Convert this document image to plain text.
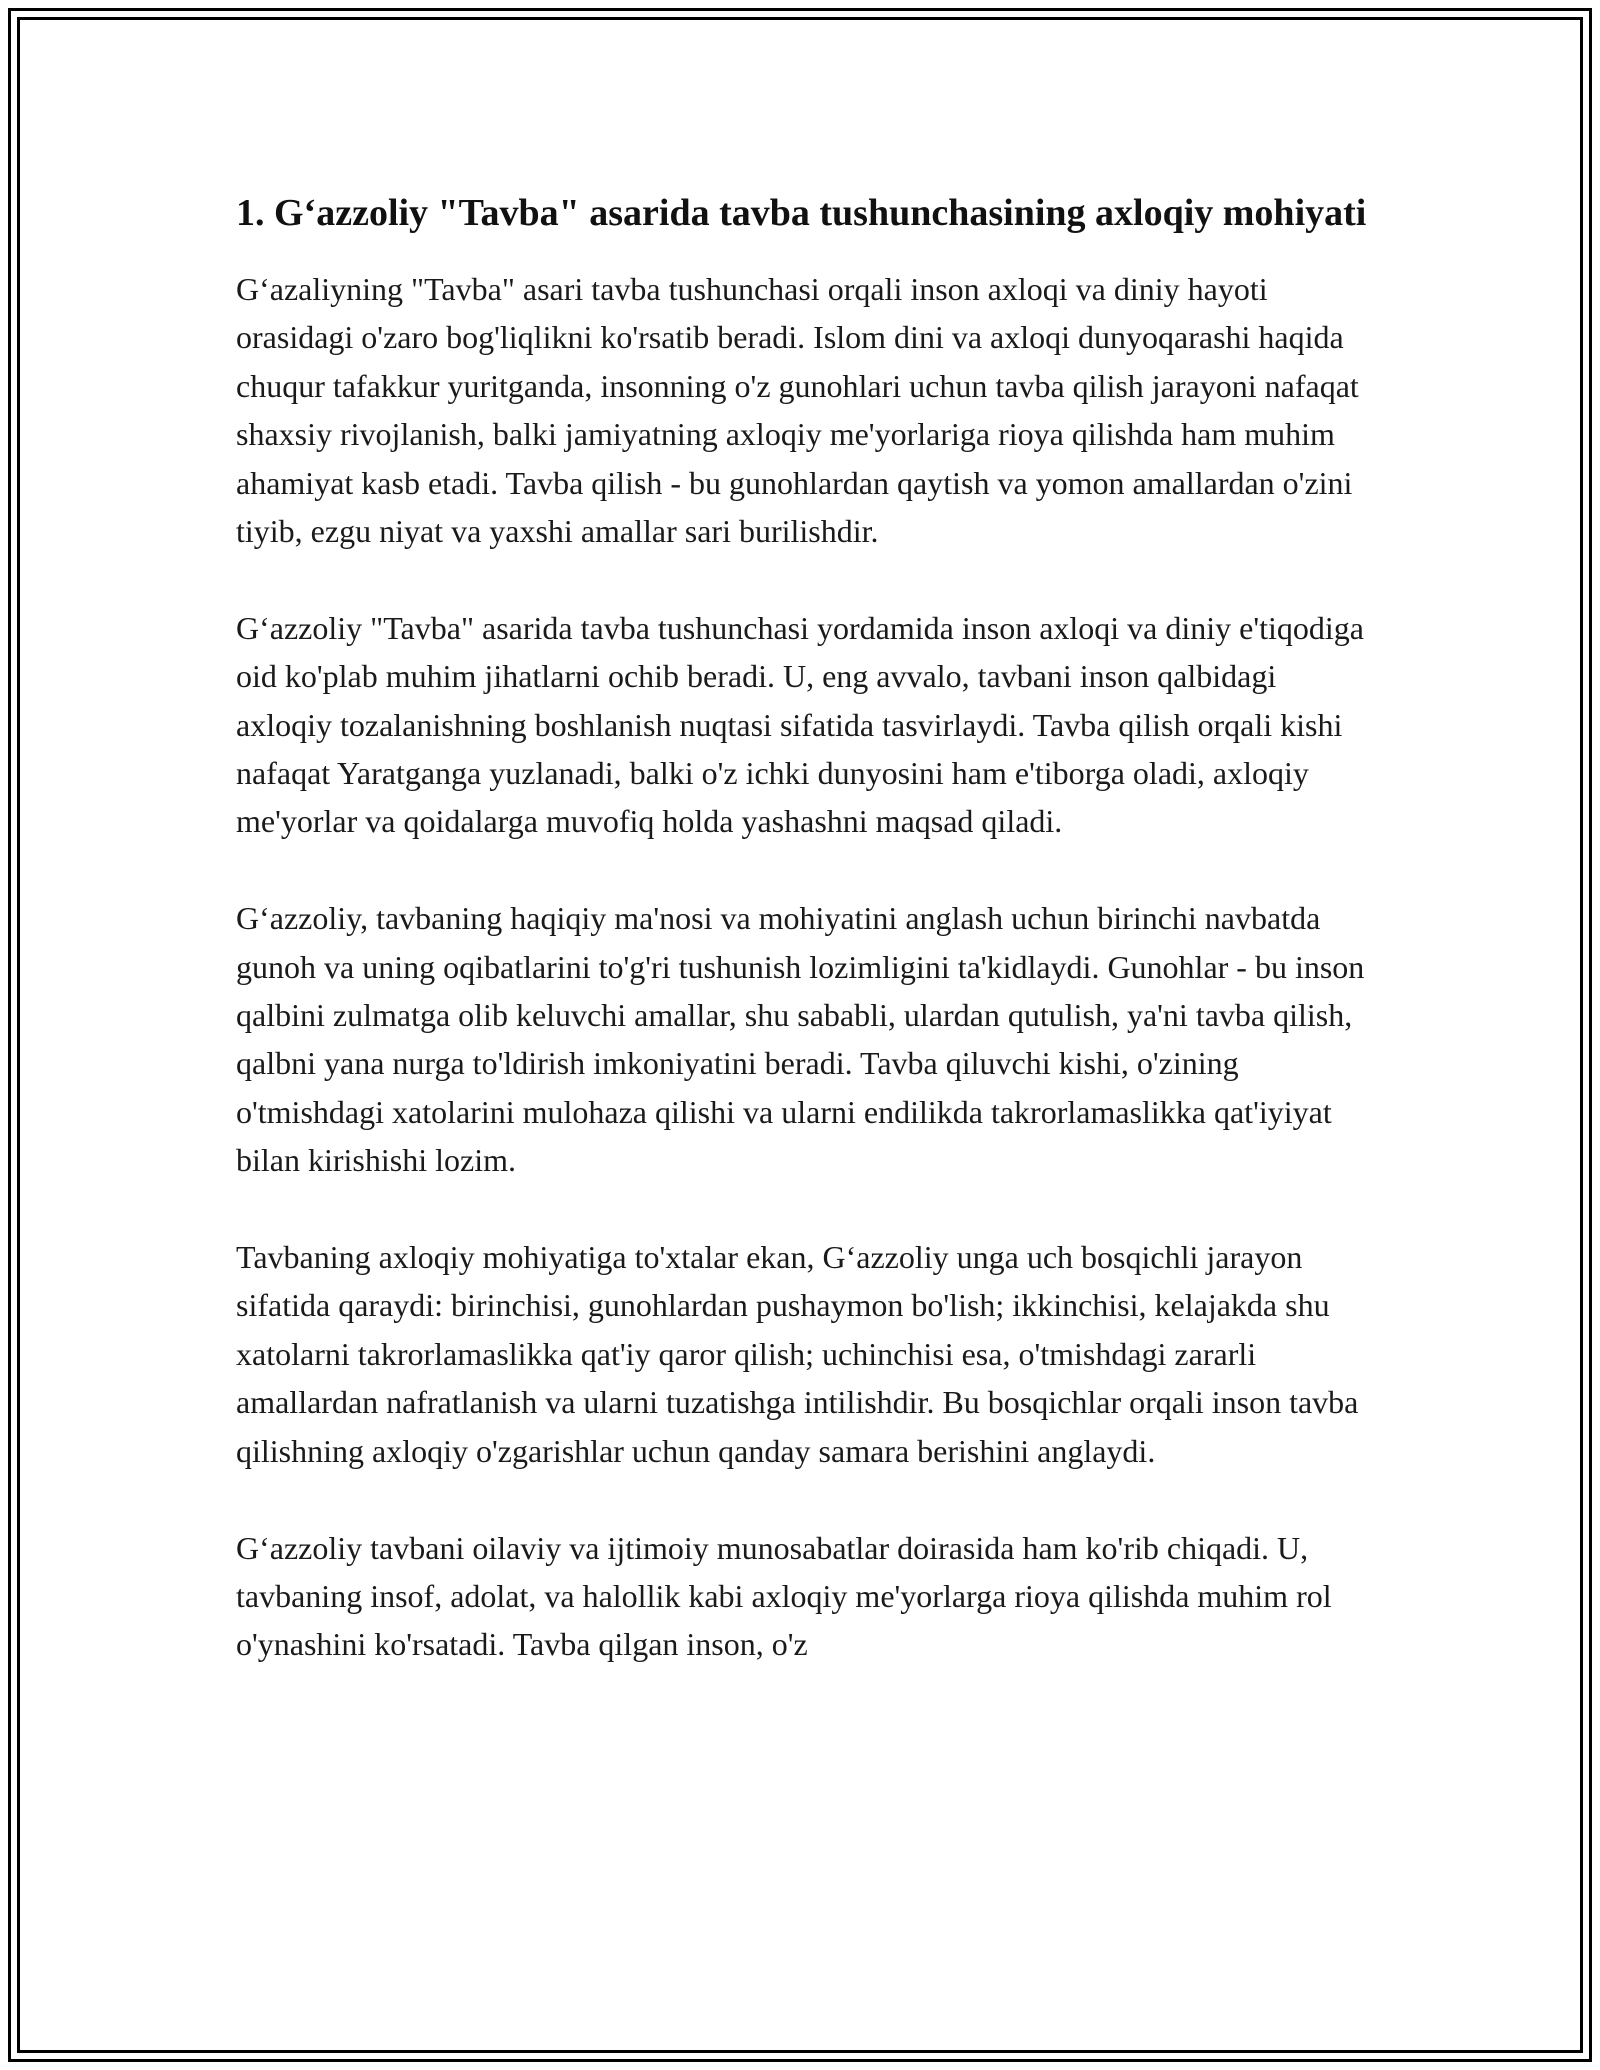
1. G‘azzoliy "Tavba" asarida tavba tushunchasining axloqiy mohiyati

G‘azaliyning "Tavba" asari tavba tushunchasi orqali inson axloqi va diniy hayoti orasidagi o'zaro bog'liqlikni ko'rsatib beradi. Islom dini va axloqi dunyoqarashi haqida chuqur tafakkur yuritganda, insonning o'z gunohlari uchun tavba qilish jarayoni nafaqat shaxsiy rivojlanish, balki jamiyatning axloqiy me'yorlariga rioya qilishda ham muhim ahamiyat kasb etadi. Tavba qilish - bu gunohlardan qaytish va yomon amallardan o'zini tiyib, ezgu niyat va yaxshi amallar sari burilishdir.

G‘azzoliy "Tavba" asarida tavba tushunchasi yordamida inson axloqi va diniy e'tiqodiga oid ko'plab muhim jihatlarni ochib beradi. U, eng avvalo, tavbani inson qalbidagi axloqiy tozalanishning boshlanish nuqtasi sifatida tasvirlaydi. Tavba qilish orqali kishi nafaqat Yaratganga yuzlanadi, balki o'z ichki dunyosini ham e'tiborga oladi, axloqiy me'yorlar va qoidalarga muvofiq holda yashashni maqsad qiladi.

G‘azzoliy, tavbaning haqiqiy ma'nosi va mohiyatini anglash uchun birinchi navbatda gunoh va uning oqibatlarini to'g'ri tushunish lozimligini ta'kidlaydi. Gunohlar - bu inson qalbini zulmatga olib keluvchi amallar, shu sababli, ulardan qutulish, ya'ni tavba qilish, qalbni yana nurga to'ldirish imkoniyatini beradi. Tavba qiluvchi kishi, o'zining o'tmishdagi xatolarini mulohaza qilishi va ularni endilikda takrorlamaslikka qat'iyiyat bilan kirishishi lozim.

Tavbaning axloqiy mohiyatiga to'xtalar ekan, G‘azzoliy unga uch bosqichli jarayon sifatida qaraydi: birinchisi, gunohlardan pushaymon bo'lish; ikkinchisi, kelajakda shu xatolarni takrorlamaslikka qat'iy qaror qilish; uchinchisi esa, o'tmishdagi zararli amallardan nafratlanish va ularni tuzatishga intilishdir. Bu bosqichlar orqali inson tavba qilishning axloqiy o'zgarishlar uchun qanday samara berishini anglaydi.

G‘azzoliy tavbani oilaviy va ijtimoiy munosabatlar doirasida ham ko'rib chiqadi. U, tavbaning insof, adolat, va halollik kabi axloqiy me'yorlarga rioya qilishda muhim rol o'ynashini ko'rsatadi. Tavba qilgan inson, o'z
